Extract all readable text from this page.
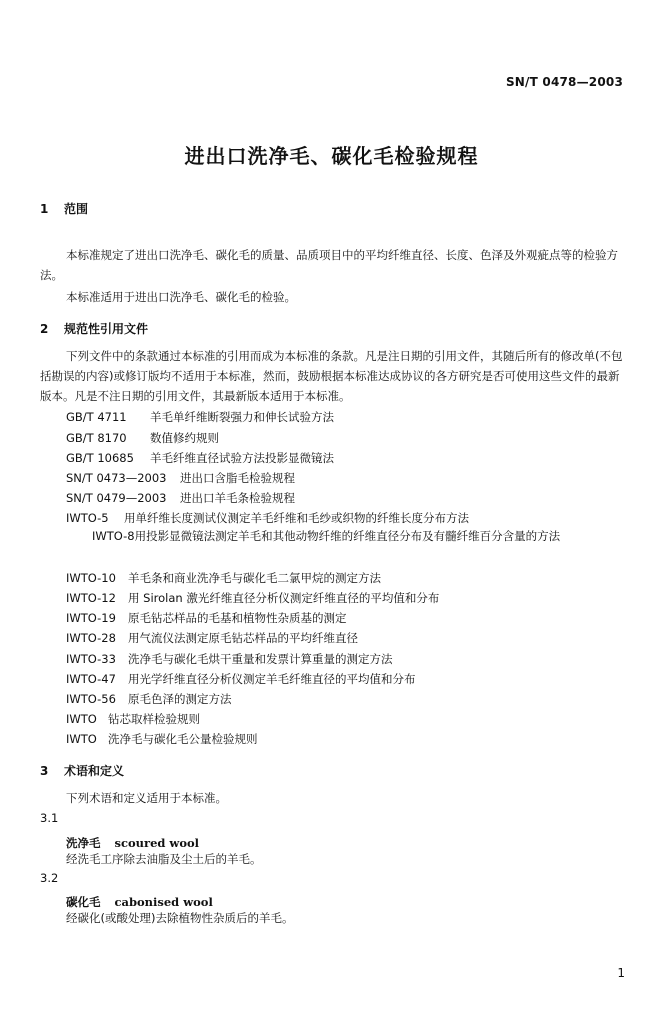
SN/T 0478—2003
进出口洗净毛、碳化毛检验规程
1 范围
本标准规定了进出口洗净毛、碳化毛的质量、品质项目中的平均纤维直径、长度、色泽及外观疵点等的检验方法。
本标准适用于进出口洗净毛、碳化毛的检验。
2 规范性引用文件
下列文件中的条款通过本标准的引用而成为本标准的条款。凡是注日期的引用文件，其随后所有的修改单(不包括勘误的内容)或修订版均不适用于本标准，然而，鼓励根据本标准达成协议的各方研究是否可使用这些文件的最新版本。凡是不注日期的引用文件，其最新版本适用于本标准。
GB/T 4711 羊毛单纤维断裂强力和伸长试验方法
GB/T 8170 数值修约规则
GB/T 10685 羊毛纤维直径试验方法投影显微镜法
SN/T 0473—2003 进出口含脂毛检验规程
SN/T 0479—2003 进出口羊毛条检验规程
IWTO-5 用单纤维长度测试仪测定羊毛纤维和毛纱或织物的纤维长度分布方法
IWTO-8用投影显微镜法测定羊毛和其他动物纤维的纤维直径分布及有髓纤维百分含量的方法
IWTO-10 羊毛条和商业洗净毛与碳化毛二氯甲烷的测定方法
IWTO-12 用 Sirolan 激光纤维直径分析仪测定纤维直径的平均值和分布
IWTO-19 原毛钻芯样品的毛基和植物性杂质基的测定
IWTO-28 用气流仪法测定原毛钻芯样品的平均纤维直径
IWTO-33 洗净毛与碳化毛烘干重量和发票计算重量的测定方法
IWTO-47 用光学纤维直径分析仪测定羊毛纤维直径的平均值和分布
IWTO-56 原毛色泽的测定方法
IWTO 钻芯取样检验规则
IWTO 洗净毛与碳化毛公量检验规则
3 术语和定义
下列术语和定义适用于本标准。
3.1
洗净毛 scoured wool
经洗毛工序除去油脂及尘土后的羊毛。
3.2
碳化毛 cabonised wool
经碳化(或酸处理)去除植物性杂质后的羊毛。
1
